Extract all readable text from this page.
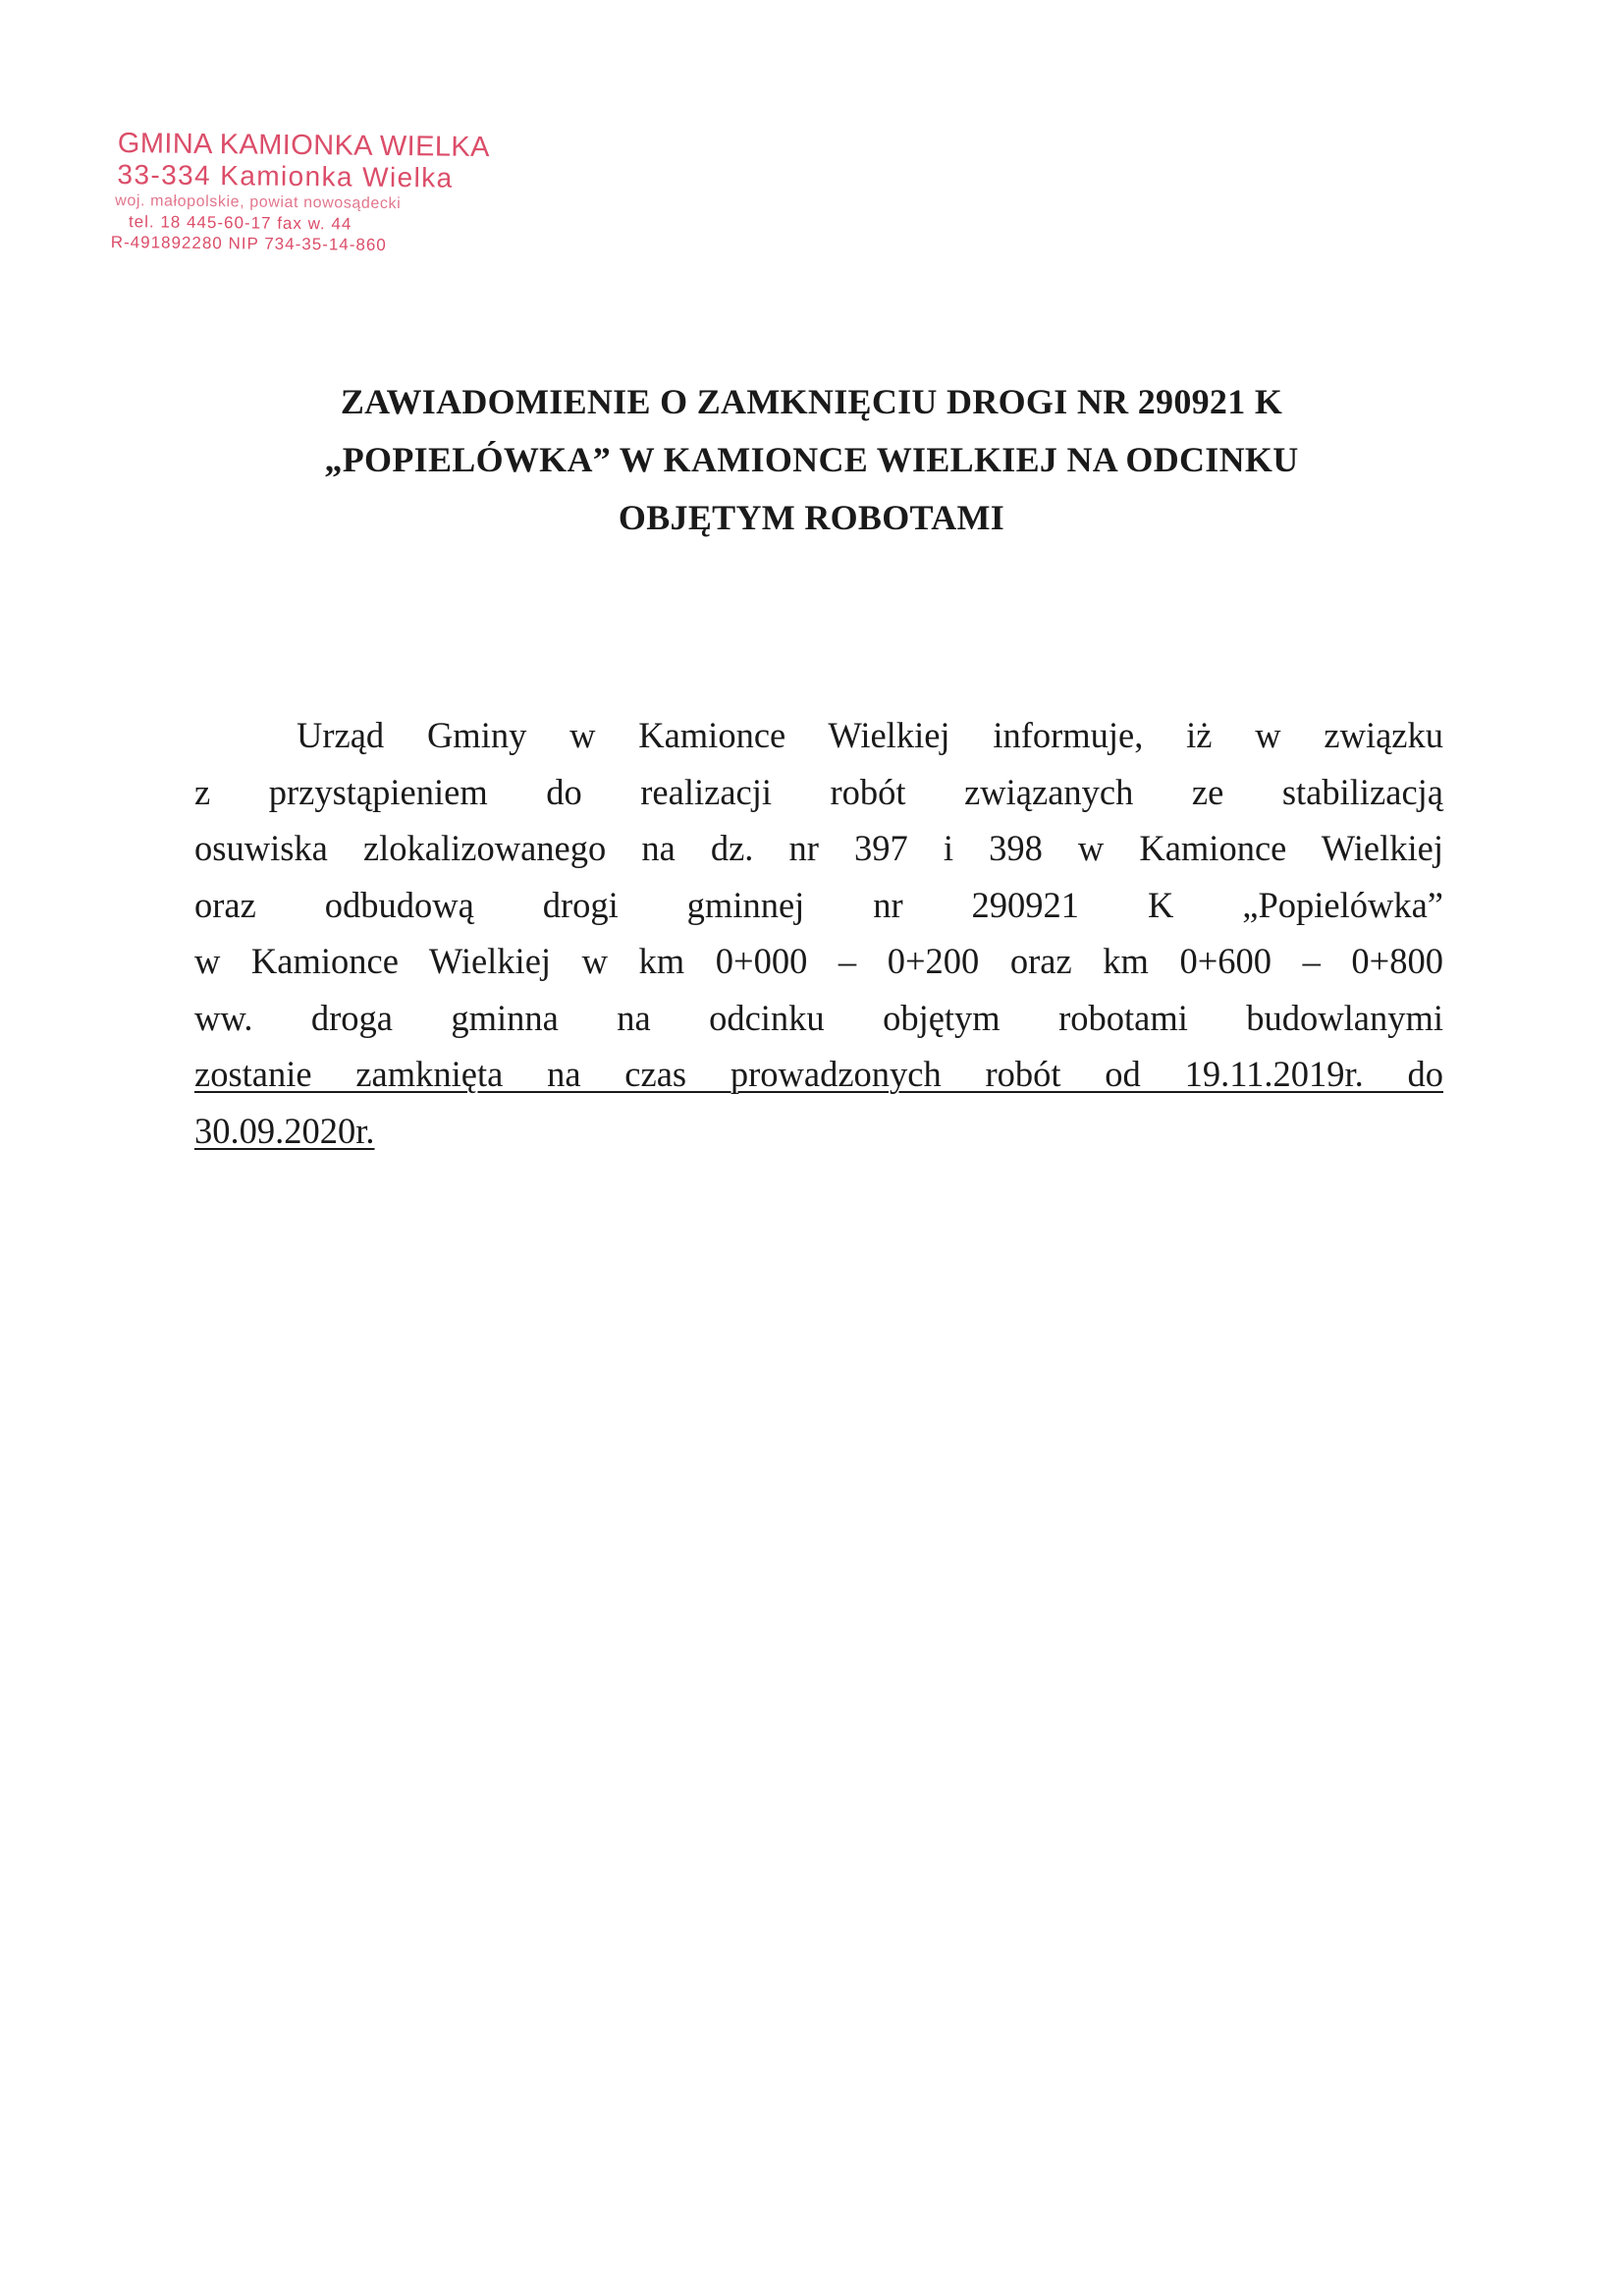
GMINA KAMIONKA WIELKA
33-334 Kamionka Wielka
woj. małopolskie, powiat nowosądecki
tel. 18 445-60-17 fax w. 44
R-491892280 NIP 734-35-14-860
ZAWIADOMIENIE O ZAMKNIĘCIU DROGI NR 290921 K
„POPIELÓWKA” W KAMIONCE WIELKIEJ NA ODCINKU
OBJĘTYM ROBOTAMI
Urząd Gminy w Kamionce Wielkiej informuje, iż w związku
z przystąpieniem do realizacji robót związanych ze stabilizacją
osuwiska zlokalizowanego na dz. nr 397 i 398 w Kamionce Wielkiej
oraz odbudową drogi gminnej nr 290921 K „Popielówka”
w Kamionce Wielkiej w km 0+000 – 0+200 oraz km 0+600 – 0+800
ww. droga gminna na odcinku objętym robotami budowlanymi
zostanie zamknięta na czas prowadzonych robót od 19.11.2019r. do
30.09.2020r.
